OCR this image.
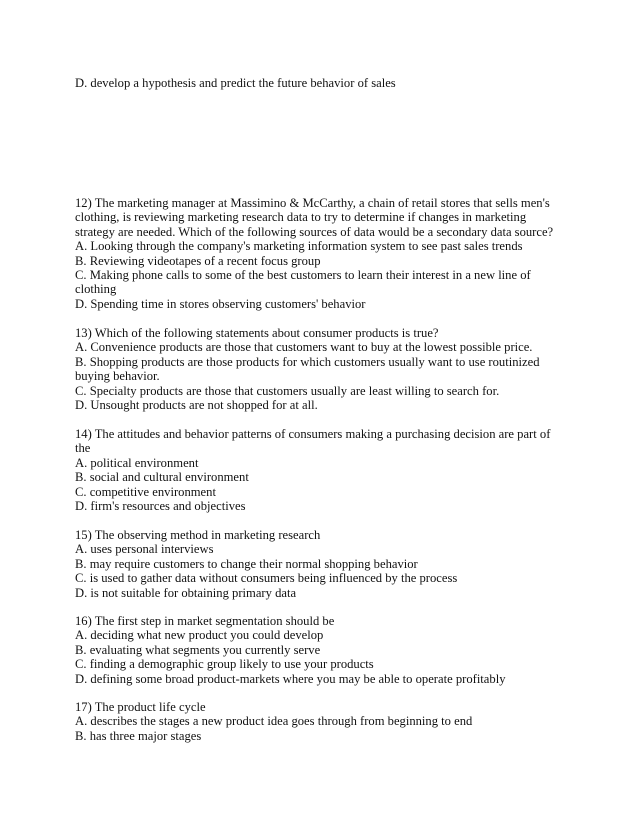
D. develop a hypothesis and predict the future behavior of sales
12) The marketing manager at Massimino & McCarthy, a chain of retail stores that sells men's
clothing, is reviewing marketing research data to try to determine if changes in marketing
strategy are needed. Which of the following sources of data would be a secondary data source?
A. Looking through the company's marketing information system to see past sales trends
B. Reviewing videotapes of a recent focus group
C. Making phone calls to some of the best customers to learn their interest in a new line of
clothing
D. Spending time in stores observing customers' behavior
13) Which of the following statements about consumer products is true?
A. Convenience products are those that customers want to buy at the lowest possible price.
B. Shopping products are those products for which customers usually want to use routinized
buying behavior.
C. Specialty products are those that customers usually are least willing to search for.
D. Unsought products are not shopped for at all.
14) The attitudes and behavior patterns of consumers making a purchasing decision are part of
the
A. political environment
B. social and cultural environment
C. competitive environment
D. firm's resources and objectives
15) The observing method in marketing research
A. uses personal interviews
B. may require customers to change their normal shopping behavior
C. is used to gather data without consumers being influenced by the process
D. is not suitable for obtaining primary data
16) The first step in market segmentation should be
A. deciding what new product you could develop
B. evaluating what segments you currently serve
C. finding a demographic group likely to use your products
D. defining some broad product-markets where you may be able to operate profitably
17) The product life cycle
A. describes the stages a new product idea goes through from beginning to end
B. has three major stages
